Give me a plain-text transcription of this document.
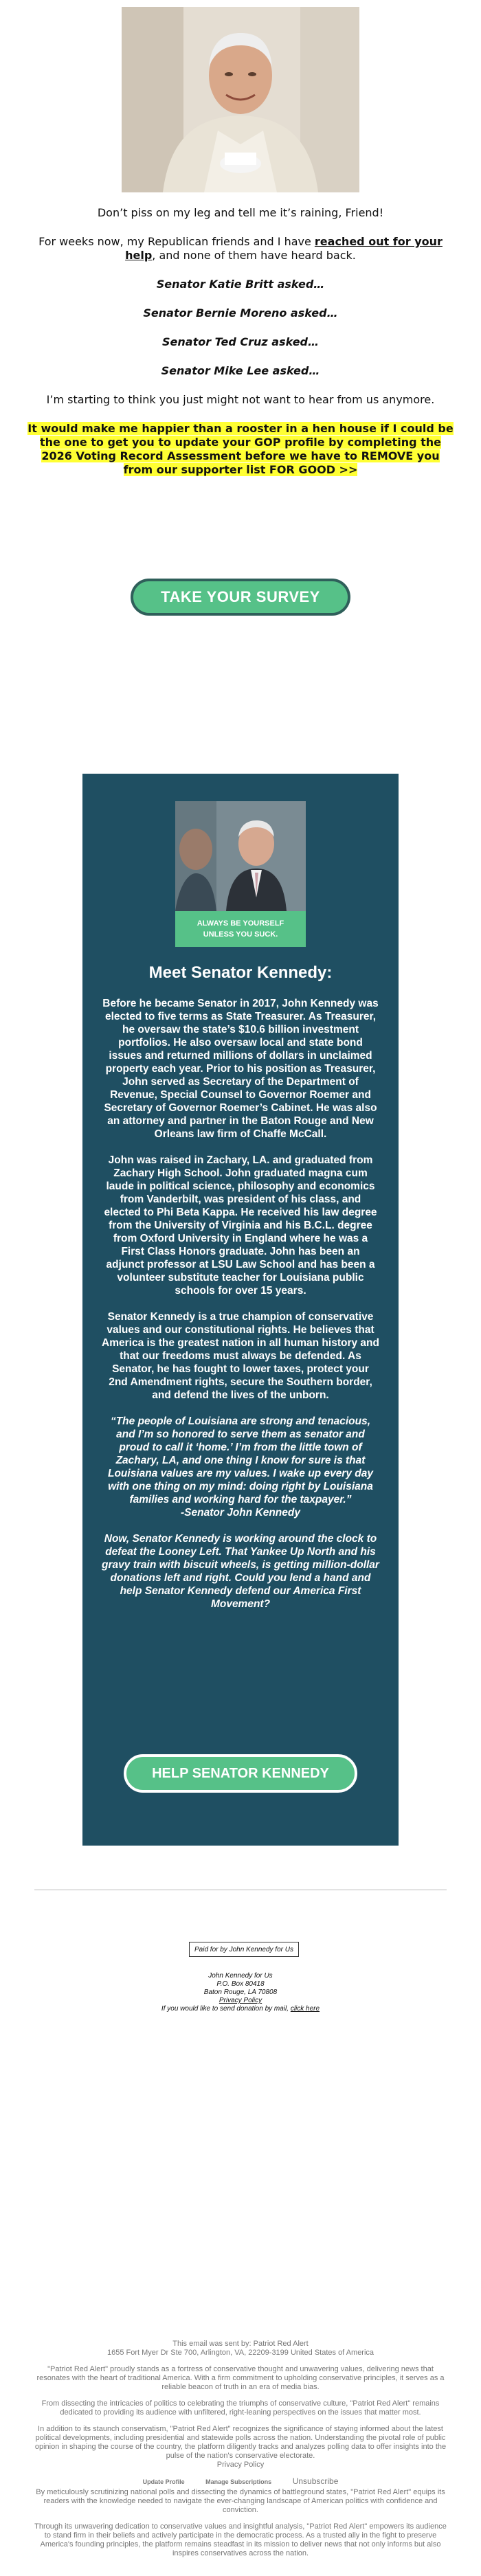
Don’t piss on my leg and tell me it’s raining, Friend!

For weeks now, my Republican friends and I have reached out for your help, and none of them have heard back.

Senator Katie Britt asked…

Senator Bernie Moreno asked…

Senator Ted Cruz asked…

Senator Mike Lee asked…

I’m starting to think you just might not want to hear from us anymore.

It would make me happier than a rooster in a hen house if I could be the one to get you to update your GOP profile by completing the 2026 Voting Record Assessment before we have to REMOVE you from our supporter list FOR GOOD >>

TAKE YOUR SURVEY
ALWAYS BE YOURSELF
UNLESS YOU SUCK.
Meet Senator Kennedy:

Before he became Senator in 2017, John Kennedy was elected to five terms as State Treasurer. As Treasurer, he oversaw the state’s $10.6 billion investment portfolios. He also oversaw local and state bond issues and returned millions of dollars in unclaimed property each year. Prior to his position as Treasurer, John served as Secretary of the Department of Revenue, Special Counsel to Governor Roemer and Secretary of Governor Roemer’s Cabinet. He was also an attorney and partner in the Baton Rouge and New Orleans law firm of Chaffe McCall.

John was raised in Zachary, LA. and graduated from Zachary High School. John graduated magna cum laude in political science, philosophy and economics from Vanderbilt, was president of his class, and elected to Phi Beta Kappa. He received his law degree from the University of Virginia and his B.C.L. degree from Oxford University in England where he was a First Class Honors graduate. John has been an adjunct professor at LSU Law School and has been a volunteer substitute teacher for Louisiana public schools for over 15 years.

Senator Kennedy is a true champion of conservative values and our constitutional rights. He believes that America is the greatest nation in all human history and that our freedoms must always be defended. As Senator, he has fought to lower taxes, protect your 2nd Amendment rights, secure the Southern border, and defend the lives of the unborn.

“The people of Louisiana are strong and tenacious, and I’m so honored to serve them as senator and proud to call it ‘home.’ I’m from the little town of Zachary, LA, and one thing I know for sure is that Louisiana values are my values. I wake up every day with one thing on my mind: doing right by Louisiana families and working hard for the taxpayer.”
-Senator John Kennedy

Now, Senator Kennedy is working around the clock to defeat the Looney Left. That Yankee Up North and his gravy train with biscuit wheels, is getting million-dollar donations left and right. Could you lend a hand and help Senator Kennedy defend our America First Movement?

HELP SENATOR KENNEDY
Paid for by John Kennedy for Us
John Kennedy for Us
P.O. Box 80418
Baton Rouge, LA 70808
Privacy Policy
If you would like to send donation by mail, click here

This email was sent by: Patriot Red Alert
1655 Fort Myer Dr Ste 700, Arlington, VA, 22209-3199 United States of America

"Patriot Red Alert" proudly stands as a fortress of conservative thought and unwavering values, delivering news that resonates with the heart of traditional America. With a firm commitment to upholding conservative principles, it serves as a reliable beacon of truth in an era of media bias.

From dissecting the intricacies of politics to celebrating the triumphs of conservative culture, "Patriot Red Alert" remains dedicated to providing its audience with unfiltered, right-leaning perspectives on the issues that matter most.

In addition to its staunch conservatism, "Patriot Red Alert" recognizes the significance of staying informed about the latest political developments, including presidential and statewide polls across the nation. Understanding the pivotal role of public opinion in shaping the course of the country, the platform diligently tracks and analyzes polling data to offer insights into the pulse of the nation's conservative electorate.
Privacy Policy

Update Profile	Manage Subscriptions	Unsubscribe

By meticulously scrutinizing national polls and dissecting the dynamics of battleground states, "Patriot Red Alert" equips its readers with the knowledge needed to navigate the ever-changing landscape of American politics with confidence and conviction.

Through its unwavering dedication to conservative values and insightful analysis, "Patriot Red Alert" empowers its audience to stand firm in their beliefs and actively participate in the democratic process. As a trusted ally in the fight to preserve America's founding principles, the platform remains steadfast in its mission to deliver news that not only informs but also inspires conservatives across the nation.
